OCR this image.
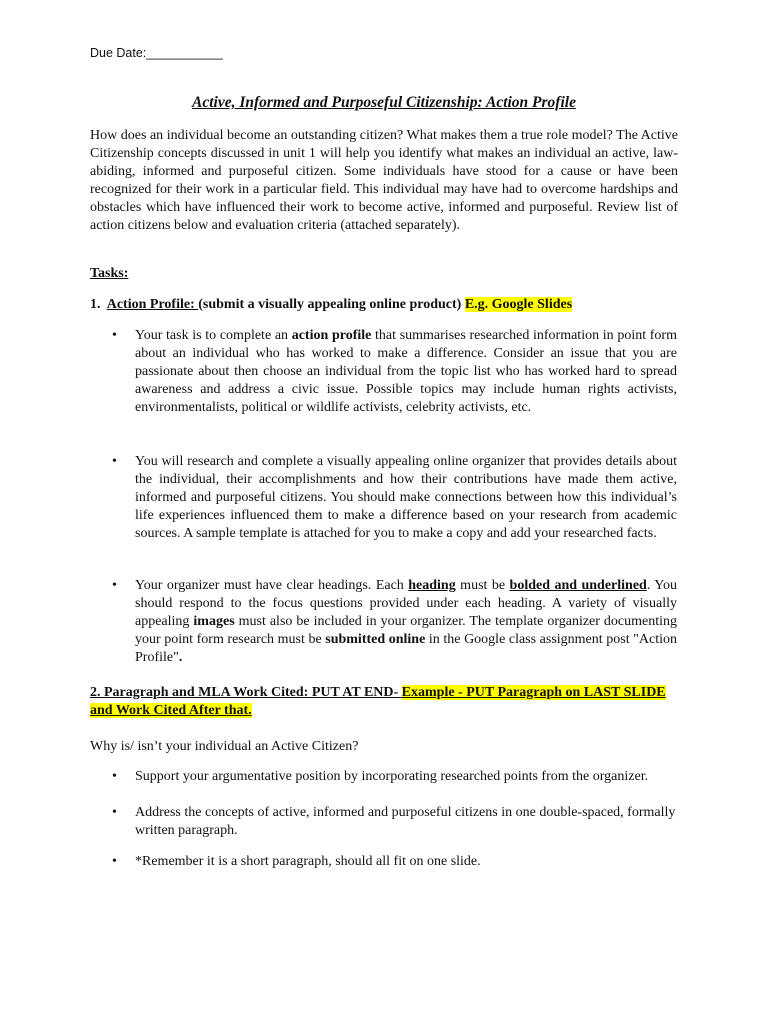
Due Date:___________
Active, Informed and Purposeful Citizenship: Action Profile
How does an individual become an outstanding citizen? What makes them a true role model? The Active Citizenship concepts discussed in unit 1 will help you identify what makes an individual an active, law-abiding, informed and purposeful citizen. Some individuals have stood for a cause or have been recognized for their work in a particular field. This individual may have had to overcome hardships and obstacles which have influenced their work to become active, informed and purposeful. Review list of action citizens below and evaluation criteria (attached separately).
Tasks:
1. Action Profile: (submit a visually appealing online product) E.g. Google Slides
• Your task is to complete an action profile that summarises researched information in point form about an individual who has worked to make a difference. Consider an issue that you are passionate about then choose an individual from the topic list who has worked hard to spread awareness and address a civic issue. Possible topics may include human rights activists, environmentalists, political or wildlife activists, celebrity activists, etc.
• You will research and complete a visually appealing online organizer that provides details about the individual, their accomplishments and how their contributions have made them active, informed and purposeful citizens. You should make connections between how this individual’s life experiences influenced them to make a difference based on your research from academic sources. A sample template is attached for you to make a copy and add your researched facts.
• Your organizer must have clear headings. Each heading must be bolded and underlined. You should respond to the focus questions provided under each heading. A variety of visually appealing images must also be included in your organizer. The template organizer documenting your point form research must be submitted online in the Google class assignment post "Action Profile".
2. Paragraph and MLA Work Cited: PUT AT END- Example - PUT Paragraph on LAST SLIDE and Work Cited After that.
Why is/ isn’t your individual an Active Citizen?
• Support your argumentative position by incorporating researched points from the organizer.
• Address the concepts of active, informed and purposeful citizens in one double-spaced, formally written paragraph.
• *Remember it is a short paragraph, should all fit on one slide.
